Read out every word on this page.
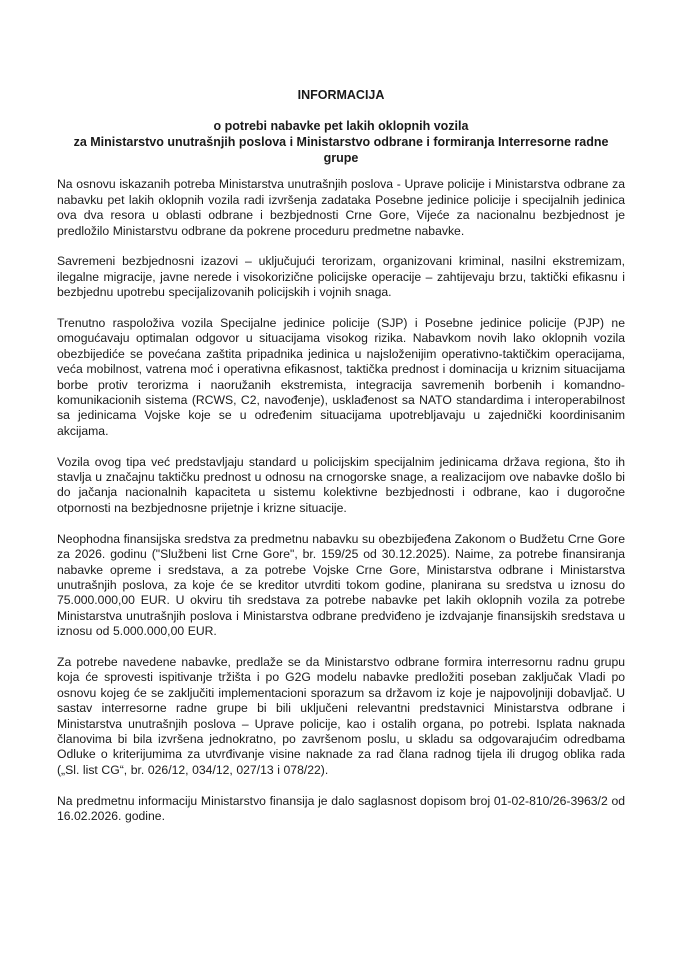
INFORMACIJA
o potrebi nabavke pet lakih oklopnih vozila
za Ministarstvo unutrašnjih poslova i Ministarstvo odbrane i formiranja Interresorne radne grupe

Na osnovu iskazanih potreba Ministarstva unutrašnjih poslova - Uprave policije i Ministarstva odbrane za nabavku pet lakih oklopnih vozila radi izvršenja zadataka Posebne jedinice policije i specijalnih jedinica ova dva resora u oblasti odbrane i bezbjednosti Crne Gore, Vijeće za nacionalnu bezbjednost je predložilo Ministarstvu odbrane da pokrene proceduru predmetne nabavke.

Savremeni bezbjednosni izazovi – uključujući terorizam, organizovani kriminal, nasilni ekstremizam, ilegalne migracije, javne nerede i visokorizične policijske operacije – zahtijevaju brzu, taktički efikasnu i bezbjednu upotrebu specijalizovanih policijskih i vojnih snaga.

Trenutno raspoloživa vozila Specijalne jedinice policije (SJP) i Posebne jedinice policije (PJP) ne omogućavaju optimalan odgovor u situacijama visokog rizika. Nabavkom novih lako oklopnih vozila obezbijediće se povećana zaštita pripadnika jedinica u najsloženijim operativno-taktičkim operacijama, veća mobilnost, vatrena moć i operativna efikasnost, taktička prednost i dominacija u kriznim situacijama borbe protiv terorizma i naoružanih ekstremista, integracija savremenih borbenih i komandno-komunikacionih sistema (RCWS, C2, navođenje), usklađenost sa NATO standardima i interoperabilnost sa jedinicama Vojske koje se u određenim situacijama upotrebljavaju u zajednički koordinisanim akcijama.

Vozila ovog tipa već predstavljaju standard u policijskim specijalnim jedinicama država regiona, što ih stavlja u značajnu taktičku prednost u odnosu na crnogorske snage, a realizacijom ove nabavke došlo bi do jačanja nacionalnih kapaciteta u sistemu kolektivne bezbjednosti i odbrane, kao i dugoročne otpornosti na bezbjednosne prijetnje i krizne situacije.

Neophodna finansijska sredstva za predmetnu nabavku su obezbijeđena Zakonom o Budžetu Crne Gore za 2026. godinu ("Službeni list Crne Gore", br. 159/25 od 30.12.2025). Naime, za potrebe finansiranja nabavke opreme i sredstava, a za potrebe Vojske Crne Gore, Ministarstva odbrane i Ministarstva unutrašnjih poslova, za koje će se kreditor utvrditi tokom godine, planirana su sredstva u iznosu do 75.000.000,00 EUR. U okviru tih sredstava za potrebe nabavke pet lakih oklopnih vozila za potrebe Ministarstva unutrašnjih poslova i Ministarstva odbrane predviđeno je izdvajanje finansijskih sredstava u iznosu od 5.000.000,00 EUR.

Za potrebe navedene nabavke, predlaže se da Ministarstvo odbrane formira interresornu radnu grupu koja će sprovesti ispitivanje tržišta i po G2G modelu nabavke predložiti poseban zaključak Vladi po osnovu kojeg će se zaključiti implementacioni sporazum sa državom iz koje je najpovoljniji dobavljač. U sastav interresorne radne grupe bi bili uključeni relevantni predstavnici Ministarstva odbrane i Ministarstva unutrašnjih poslova – Uprave policije, kao i ostalih organa, po potrebi. Isplata naknada članovima bi bila izvršena jednokratno, po završenom poslu, u skladu sa odgovarajućim odredbama Odluke o kriterijumima za utvrđivanje visine naknade za rad člana radnog tijela ili drugog oblika rada („Sl. list CG“, br. 026/12, 034/12, 027/13 i 078/22).

Na predmetnu informaciju Ministarstvo finansija je dalo saglasnost dopisom broj 01-02-810/26-3963/2 od 16.02.2026. godine.
